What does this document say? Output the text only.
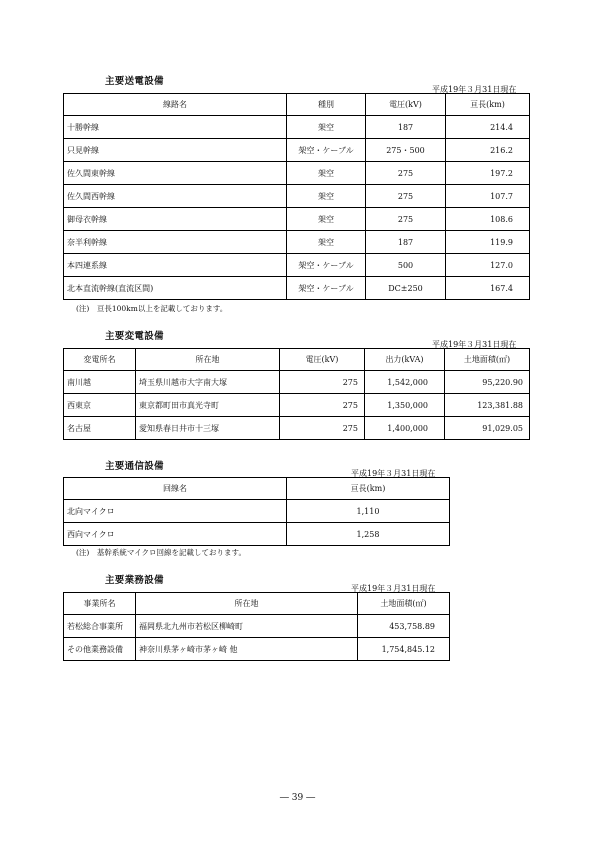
主要送電設備
平成19年３月31日現在
線路名	種別	電圧(kV)	亘長(km)
十勝幹線	架空	187	214.4
只見幹線	架空・ケーブル	275・500	216.2
佐久間東幹線	架空	275	197.2
佐久間西幹線	架空	275	107.7
御母衣幹線	架空	275	108.6
奈半利幹線	架空	187	119.9
本四連系線	架空・ケーブル	500	127.0
北本直流幹線(直流区間)	架空・ケーブル	DC±250	167.4
(注)　亘長100km以上を記載しております。
主要変電設備
平成19年３月31日現在
変電所名	所在地	電圧(kV)	出力(kVA)	土地面積(㎡)
南川越	埼玉県川越市大字南大塚	275	1,542,000	95,220.90
西東京	東京都町田市真光寺町	275	1,350,000	123,381.88
名古屋	愛知県春日井市十三塚	275	1,400,000	91,029.05
主要通信設備
平成19年３月31日現在
回線名	亘長(km)
北向マイクロ	1,110
西向マイクロ	1,258
(注)　基幹系統マイクロ回線を記載しております。
主要業務設備
平成19年３月31日現在
事業所名	所在地	土地面積(㎡)
若松総合事業所	福岡県北九州市若松区柳崎町	453,758.89
その他業務設備	神奈川県茅ヶ崎市茅ヶ崎 他	1,754,845.12
― 39 ―
